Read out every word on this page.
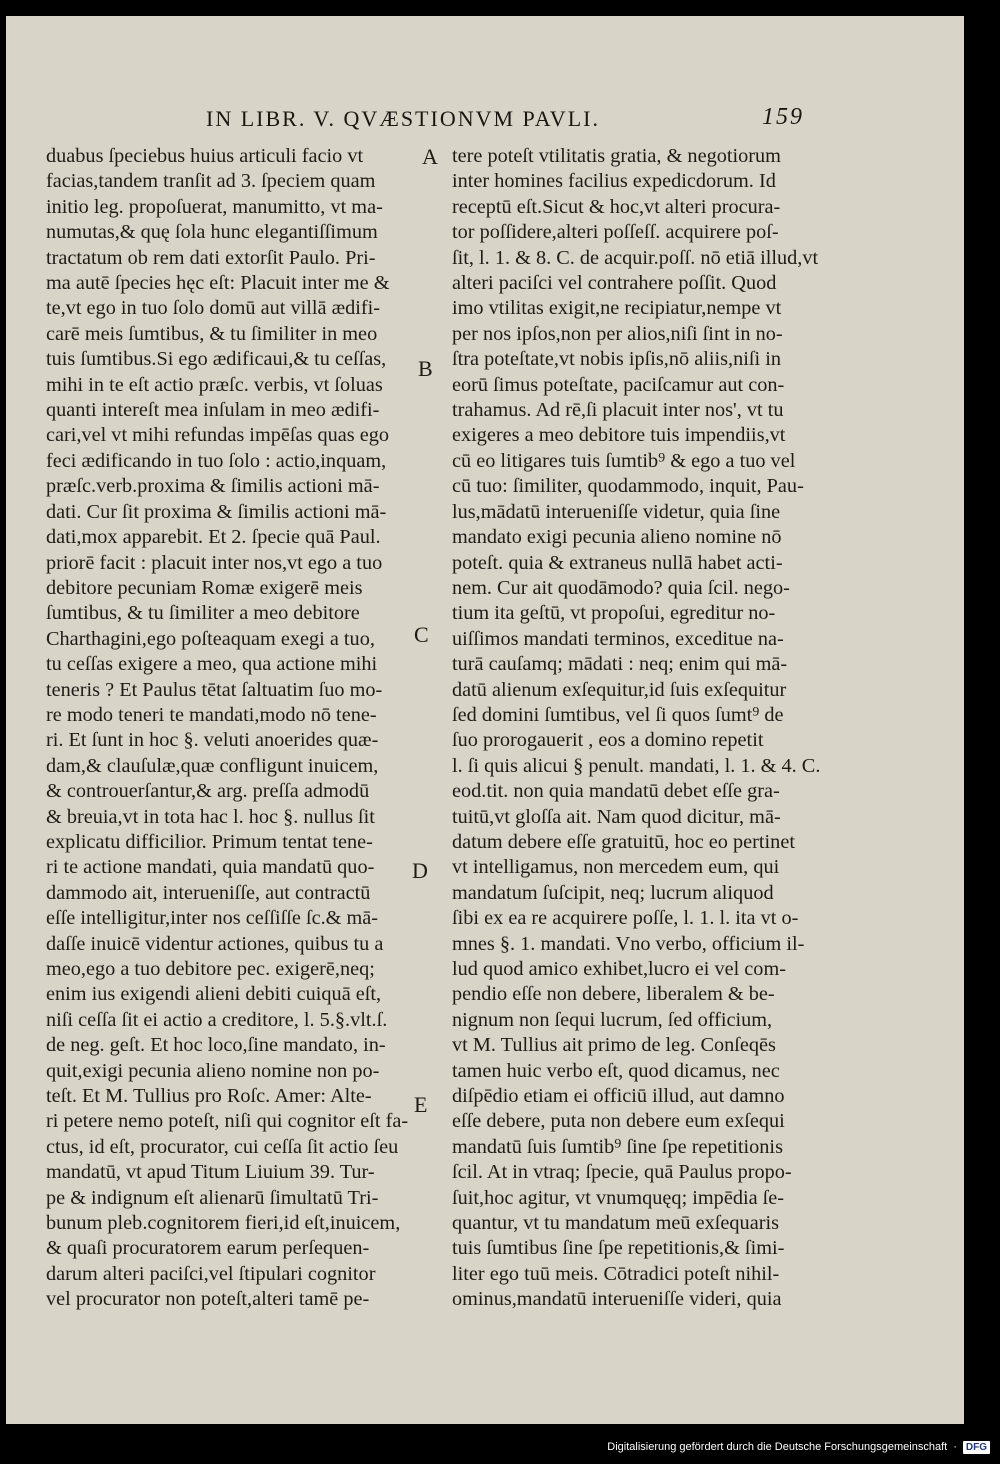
IN LIBR. V. QVÆSTIONVM PAVLI.	159
duabus ſpeciebus huius articuli facio vt
facias,tandem tranſit ad 3. ſpeciem quam
initio leg. propoſuerat, manumitto, vt ma-
numutas,& quę ſola hunc elegantiſſimum
tractatum ob rem dati extorſit Paulo. Pri-
ma autē ſpecies hęc eſt: Placuit inter me &
te,vt ego in tuo ſolo domū aut villā ædifi-
carē meis ſumtibus, & tu ſimiliter in meo
tuis ſumtibus.Si ego ædificaui,& tu ceſſas,
mihi in te eſt actio præſc. verbis, vt ſoluas
quanti intereſt mea inſulam in meo ædifi-
cari,vel vt mihi refundas impēſas quas ego
feci ædificando in tuo ſolo : actio,inquam,
præſc.verb.proxima & ſimilis actioni mā-
dati. Cur ſit proxima & ſimilis actioni mā-
dati,mox apparebit. Et 2. ſpecie quā Paul.
priorē facit : placuit inter nos,vt ego a tuo
debitore pecuniam Romæ exigerē meis
ſumtibus, & tu ſimiliter a meo debitore
Charthagini,ego poſteaquam exegi a tuo,
tu ceſſas exigere a meo, qua actione mihi
teneris ? Et Paulus tētat ſaltuatim ſuo mo-
re modo teneri te mandati,modo nō tene-
ri. Et ſunt in hoc §. veluti anoerides quæ-
dam,& clauſulæ,quæ confligunt inuicem,
& controuerſantur,& arg. preſſa admodū
& breuia,vt in tota hac l. hoc §. nullus ſit
explicatu difficilior. Primum tentat tene-
ri te actione mandati, quia mandatū quo-
dammodo ait, interueniſſe, aut contractū
eſſe intelligitur,inter nos ceſſiſſe ſc.& mā-
daſſe inuicē videntur actiones, quibus tu a
meo,ego a tuo debitore pec. exigerē,neq;
enim ius exigendi alieni debiti cuiquā eſt,
niſi ceſſa ſit ei actio a creditore, l. 5.§.vlt.ſ.
de neg. geſt. Et hoc loco,ſine mandato, in-
quit,exigi pecunia alieno nomine non po-
teſt. Et M. Tullius pro Roſc. Amer: Alte-
ri petere nemo poteſt, niſi qui cognitor eſt fa-
ctus, id eſt, procurator, cui ceſſa ſit actio ſeu
mandatū, vt apud Titum Liuium 39. Tur-
pe & indignum eſt alienarū ſimultatū Tri-
bunum pleb.cognitorem fieri,id eſt,inuicem,
& quaſi procuratorem earum perſequen-
darum alteri paciſci,vel ſtipulari cognitor
vel procurator non poteſt,alteri tamē pe-
tere poteſt vtilitatis gratia, & negotiorum
inter homines facilius expedicdorum. Id
receptū eſt.Sicut & hoc,vt alteri procura-
tor poſſidere,alteri poſſeſſ. acquirere poſ-
ſit, l. 1. & 8. C. de acquir.poſſ. nō etiā illud,vt
alteri paciſci vel contrahere poſſit. Quod
imo vtilitas exigit,ne recipiatur,nempe vt
per nos ipſos,non per alios,niſi ſint in no-
ſtra poteſtate,vt nobis ipſis,nō aliis,niſi in
eorū ſimus poteſtate, paciſcamur aut con-
trahamus. Ad rē,ſi placuit inter nos', vt tu
exigeres a meo debitore tuis impendiis,vt
cū eo litigares tuis ſumtib⁹ & ego a tuo vel
cū tuo: ſimiliter, quodammodo, inquit, Pau-
lus,mādatū interueniſſe videtur, quia ſine
mandato exigi pecunia alieno nomine nō
poteſt. quia & extraneus nullā habet acti-
nem. Cur ait quodāmodo? quia ſcil. nego-
tium ita geſtū, vt propoſui, egreditur no-
uiſſimos mandati terminos, exceditue na-
turā cauſamq; mādati : neq; enim qui mā-
datū alienum exſequitur,id ſuis exſequitur
ſed domini ſumtibus, vel ſi quos ſumt⁹ de
ſuo prorogauerit , eos a domino repetit
l. ſi quis alicui § penult. mandati, l. 1. & 4. C.
eod.tit. non quia mandatū debet eſſe gra-
tuitū,vt gloſſa ait. Nam quod dicitur, mā-
datum debere eſſe gratuitū, hoc eo pertinet
vt intelligamus, non mercedem eum, qui
mandatum ſuſcipit, neq; lucrum aliquod
ſibi ex ea re acquirere poſſe, l. 1. l. ita vt o-
mnes §. 1. mandati. Vno verbo, officium il-
lud quod amico exhibet,lucro ei vel com-
pendio eſſe non debere, liberalem & be-
nignum non ſequi lucrum, ſed officium,
vt M. Tullius ait primo de leg. Conſeqēs
tamen huic verbo eſt, quod dicamus, nec
diſpēdio etiam ei officiū illud, aut damno
eſſe debere, puta non debere eum exſequi
mandatū ſuis ſumtib⁹ ſine ſpe repetitionis
ſcil. At in vtraq; ſpecie, quā Paulus propo-
ſuit,hoc agitur, vt vnumquęq; impēdia ſe-
quantur, vt tu mandatum meū exſequaris
tuis ſumtibus ſine ſpe repetitionis,& ſimi-
liter ego tuū meis. Cōtradici poteſt nihil-
ominus,mandatū interueniſſe videri, quia
A
B
C
D
E
Digitalisierung gefördert durch die Deutsche Forschungsgemeinschaft · DFG
